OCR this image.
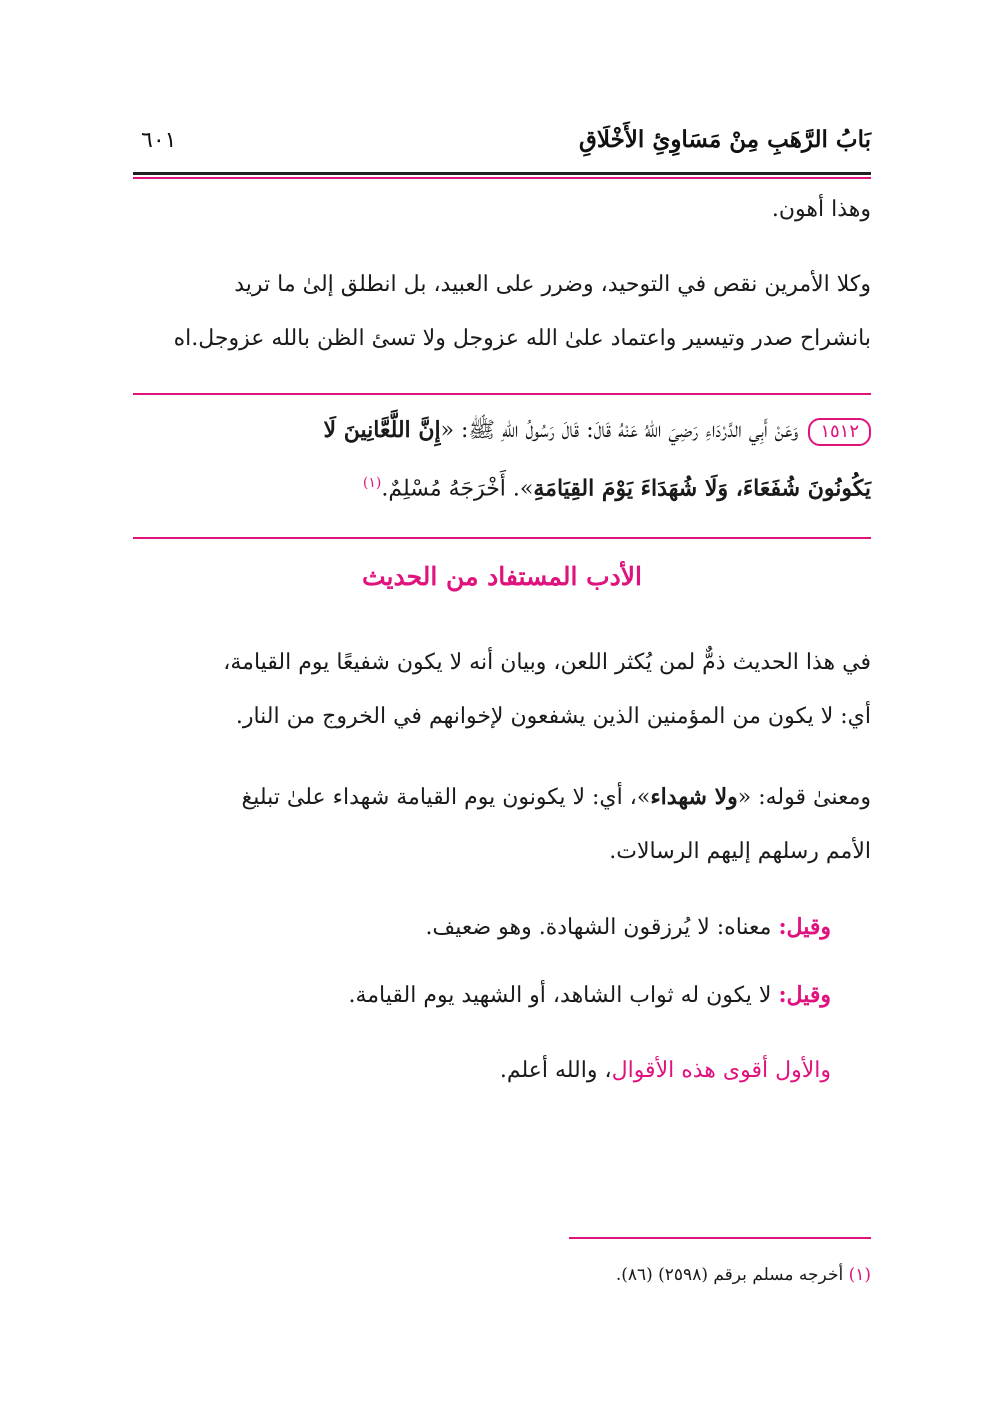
بَابُ الرَّهَبِ مِنْ مَسَاوِئِ الأَخْلَاقِ
٦٠١
وهذا أهون.
وكلا الأمرين نقص في التوحيد، وضرر على العبيد، بل انطلق إلىٰ ما تريد
بانشراح صدر وتيسير واعتماد علىٰ الله عزوجل ولا تسئ الظن بالله عزوجل.اه
١٥١٢وَعَنْ أَبِي الدَّرْدَاءِ رَضِيَ اللهُ عَنْهُ قَالَ: قَالَ رَسُولُ اللهِ ﷺ: «إِنَّ اللَّعَّانِينَ لَا
يَكُونُونَ شُفَعَاءَ، وَلَا شُهَدَاءَ يَوْمَ القِيَامَةِ». أَخْرَجَهُ مُسْلِمٌ.$^{(١)}$
الأدب المستفاد من الحديث
في هذا الحديث ذمٌّ لمن يُكثر اللعن، وبيان أنه لا يكون شفيعًا يوم القيامة،
أي: لا يكون من المؤمنين الذين يشفعون لإخوانهم في الخروج من النار.
ومعنىٰ قوله: «ولا شهداء»، أي: لا يكونون يوم القيامة شهداء علىٰ تبليغ
الأمم رسلهم إليهم الرسالات.
وقيل: معناه: لا يُرزقون الشهادة. وهو ضعيف.
وقيل: لا يكون له ثواب الشاهد، أو الشهيد يوم القيامة.
والأول أقوى هذه الأقوال، والله أعلم.
(١) أخرجه مسلم برقم (٢٥٩٨) (٨٦).
